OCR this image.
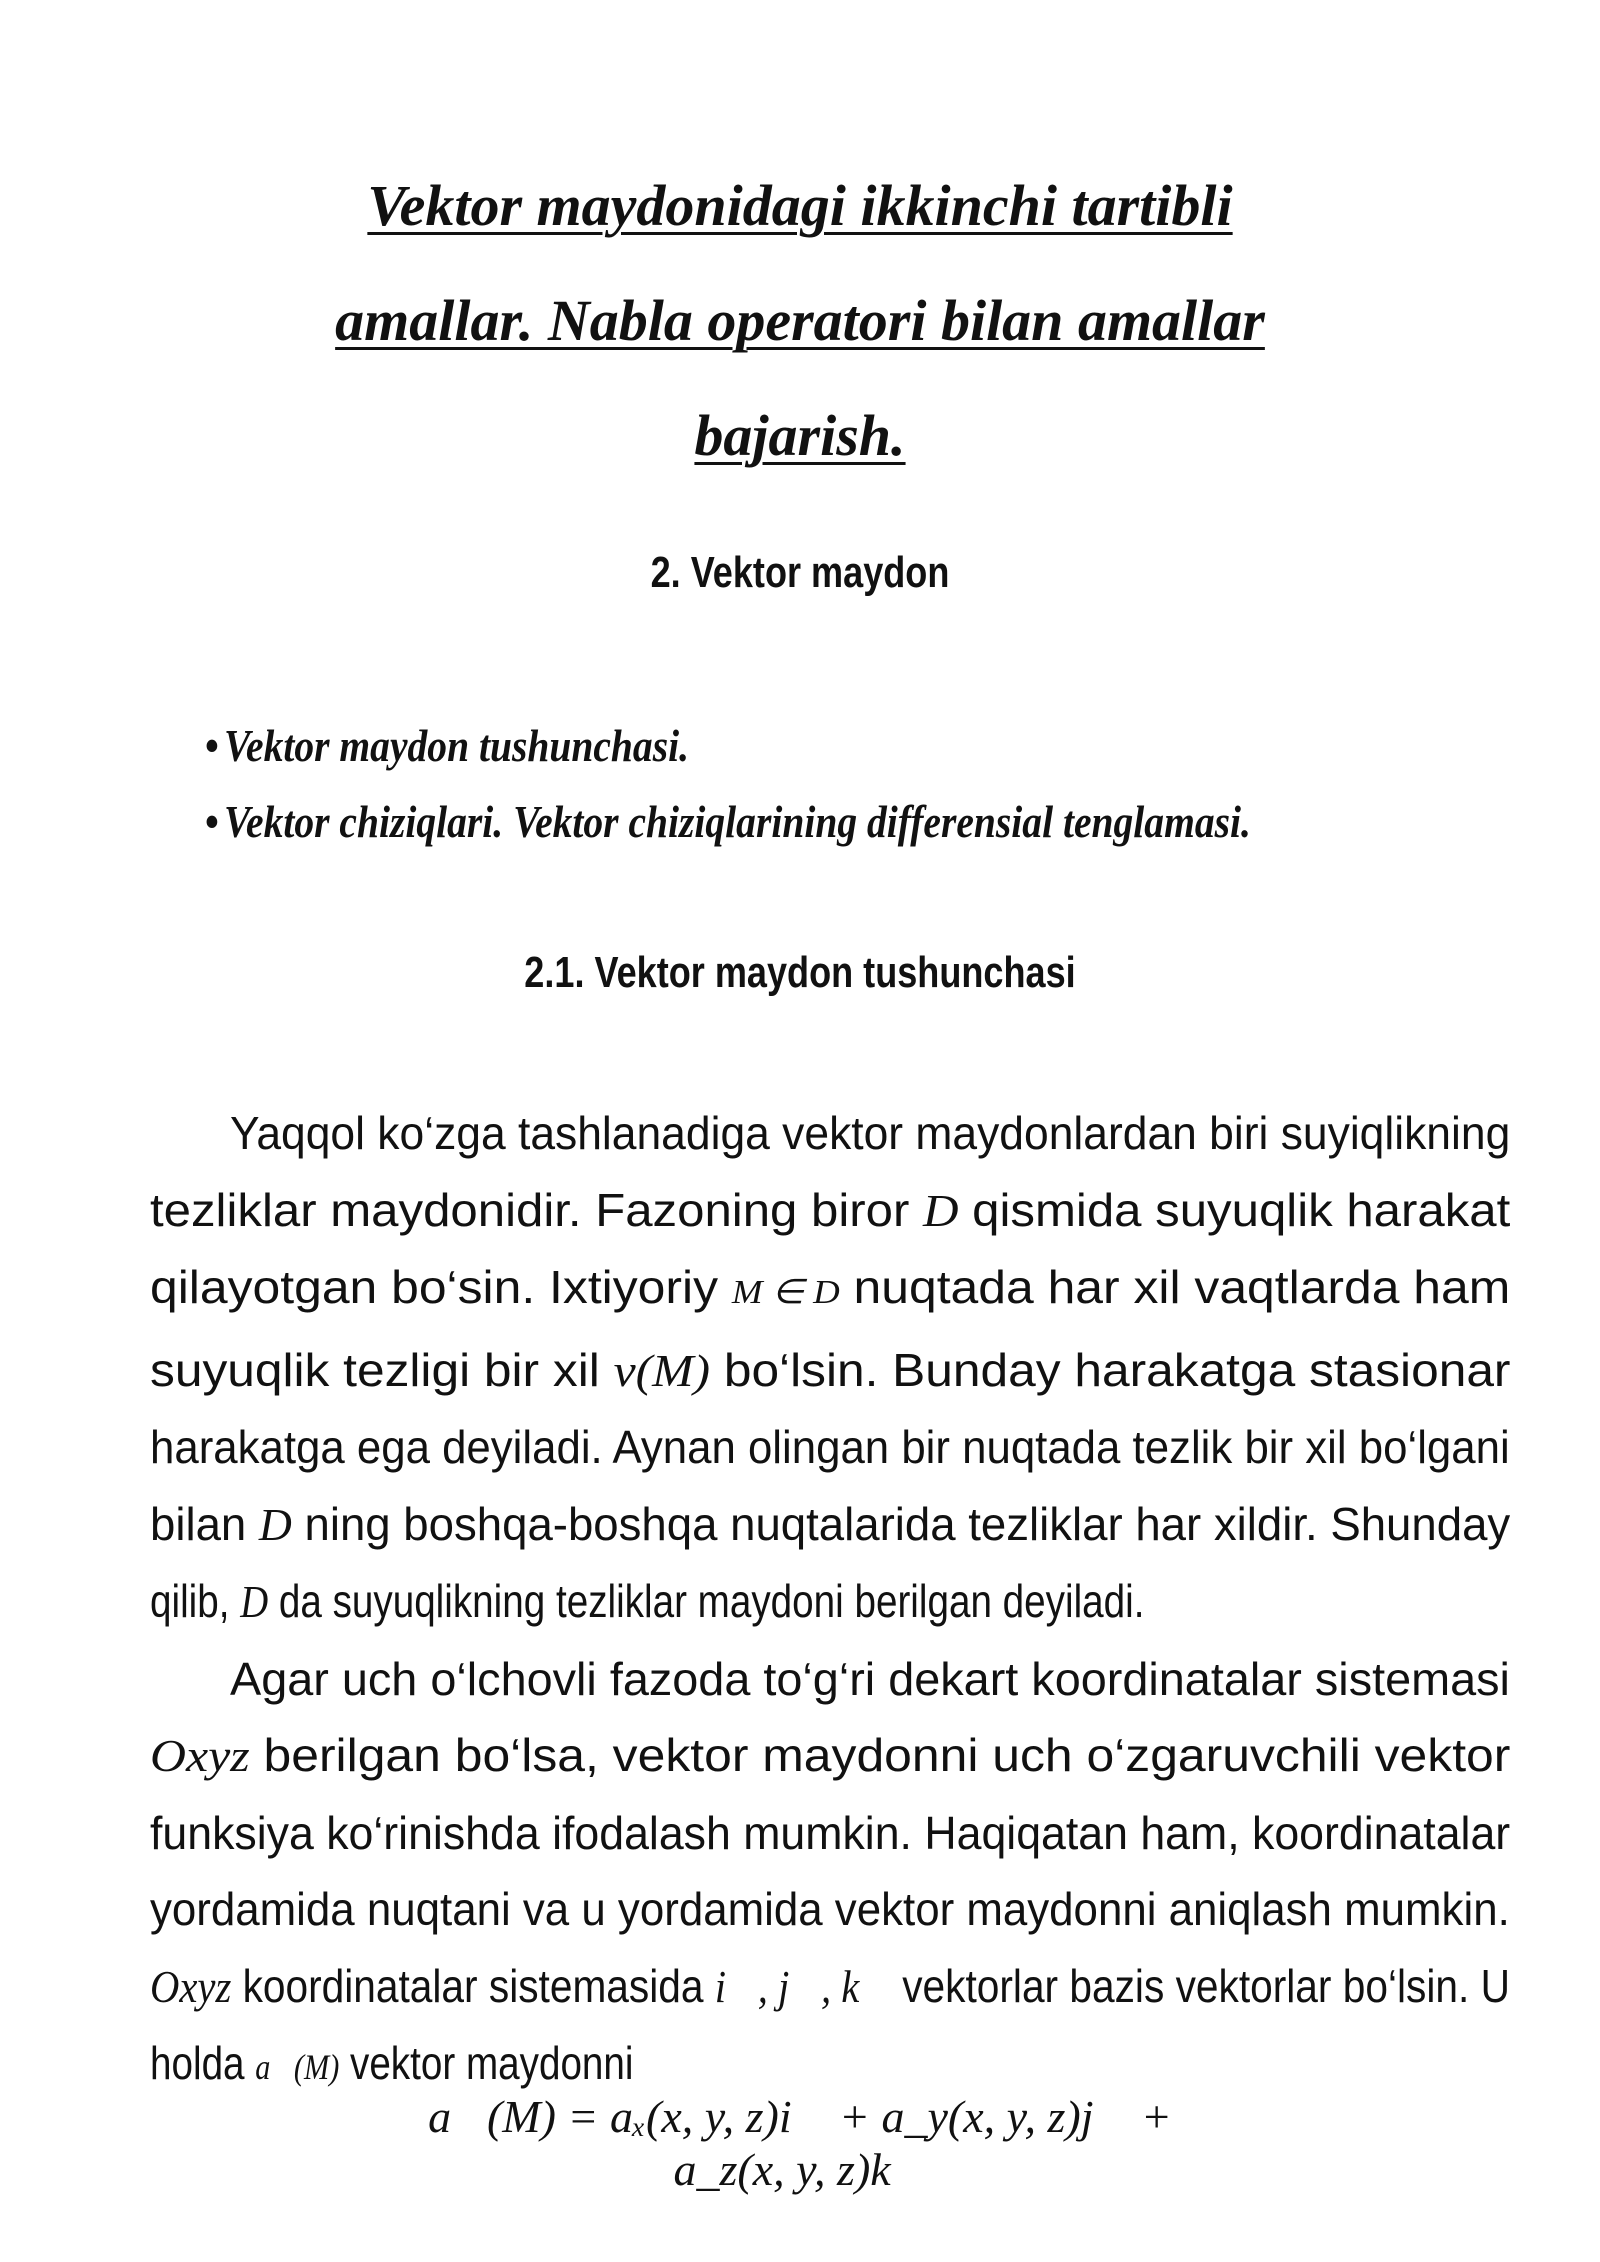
Vektor maydonidagi ikkinchi tartibli
amallar. Nabla operatori bilan amallar
bajarish.
2. Vektor maydon
• Vektor maydon tushunchasi.
• Vektor chiziqlari. Vektor chiziqlarining differensial tenglamasi.
2.1. Vektor maydon tushunchasi
Yaqqol ko‘zga tashlanadiga vektor maydonlardan biri suyiqlikning
tezliklar maydonidir. Fazoning biror D qismida suyuqlik harakat
qilayotgan bo‘sin. Ixtiyoriy M ∈ D nuqtada har xil vaqtlarda ham
suyuqlik tezligi bir xil v(M) bo‘lsin. Bunday harakatga stasionar
harakatga ega deyiladi. Aynan olingan bir nuqtada tezlik bir xil bo‘lgani
bilan D ning boshqa-boshqa nuqtalarida tezliklar har xildir. Shunday
qilib, D da suyuqlikning tezliklar maydoni berilgan deyiladi.
Agar uch o‘lchovli fazoda to‘g‘ri dekart koordinatalar sistemasi
Oxyz berilgan bo‘lsa, vektor maydonni uch o‘zgaruvchili vektor
funksiya ko‘rinishda ifodalash mumkin. Haqiqatan ham, koordinatalar
yordamida nuqtani va u yordamida vektor maydonni aniqlash mumkin.
Oxyz koordinatalar sistemasida i⃗, j⃗, k⃗ vektorlar bazis vektorlar bo‘lsin. U
holda a⃗(M) vektor maydonni
a⃗(M) = aₓ(x, y, z)i⃗ + a_y(x, y, z)j⃗ + a_z(x, y, z)k⃗
